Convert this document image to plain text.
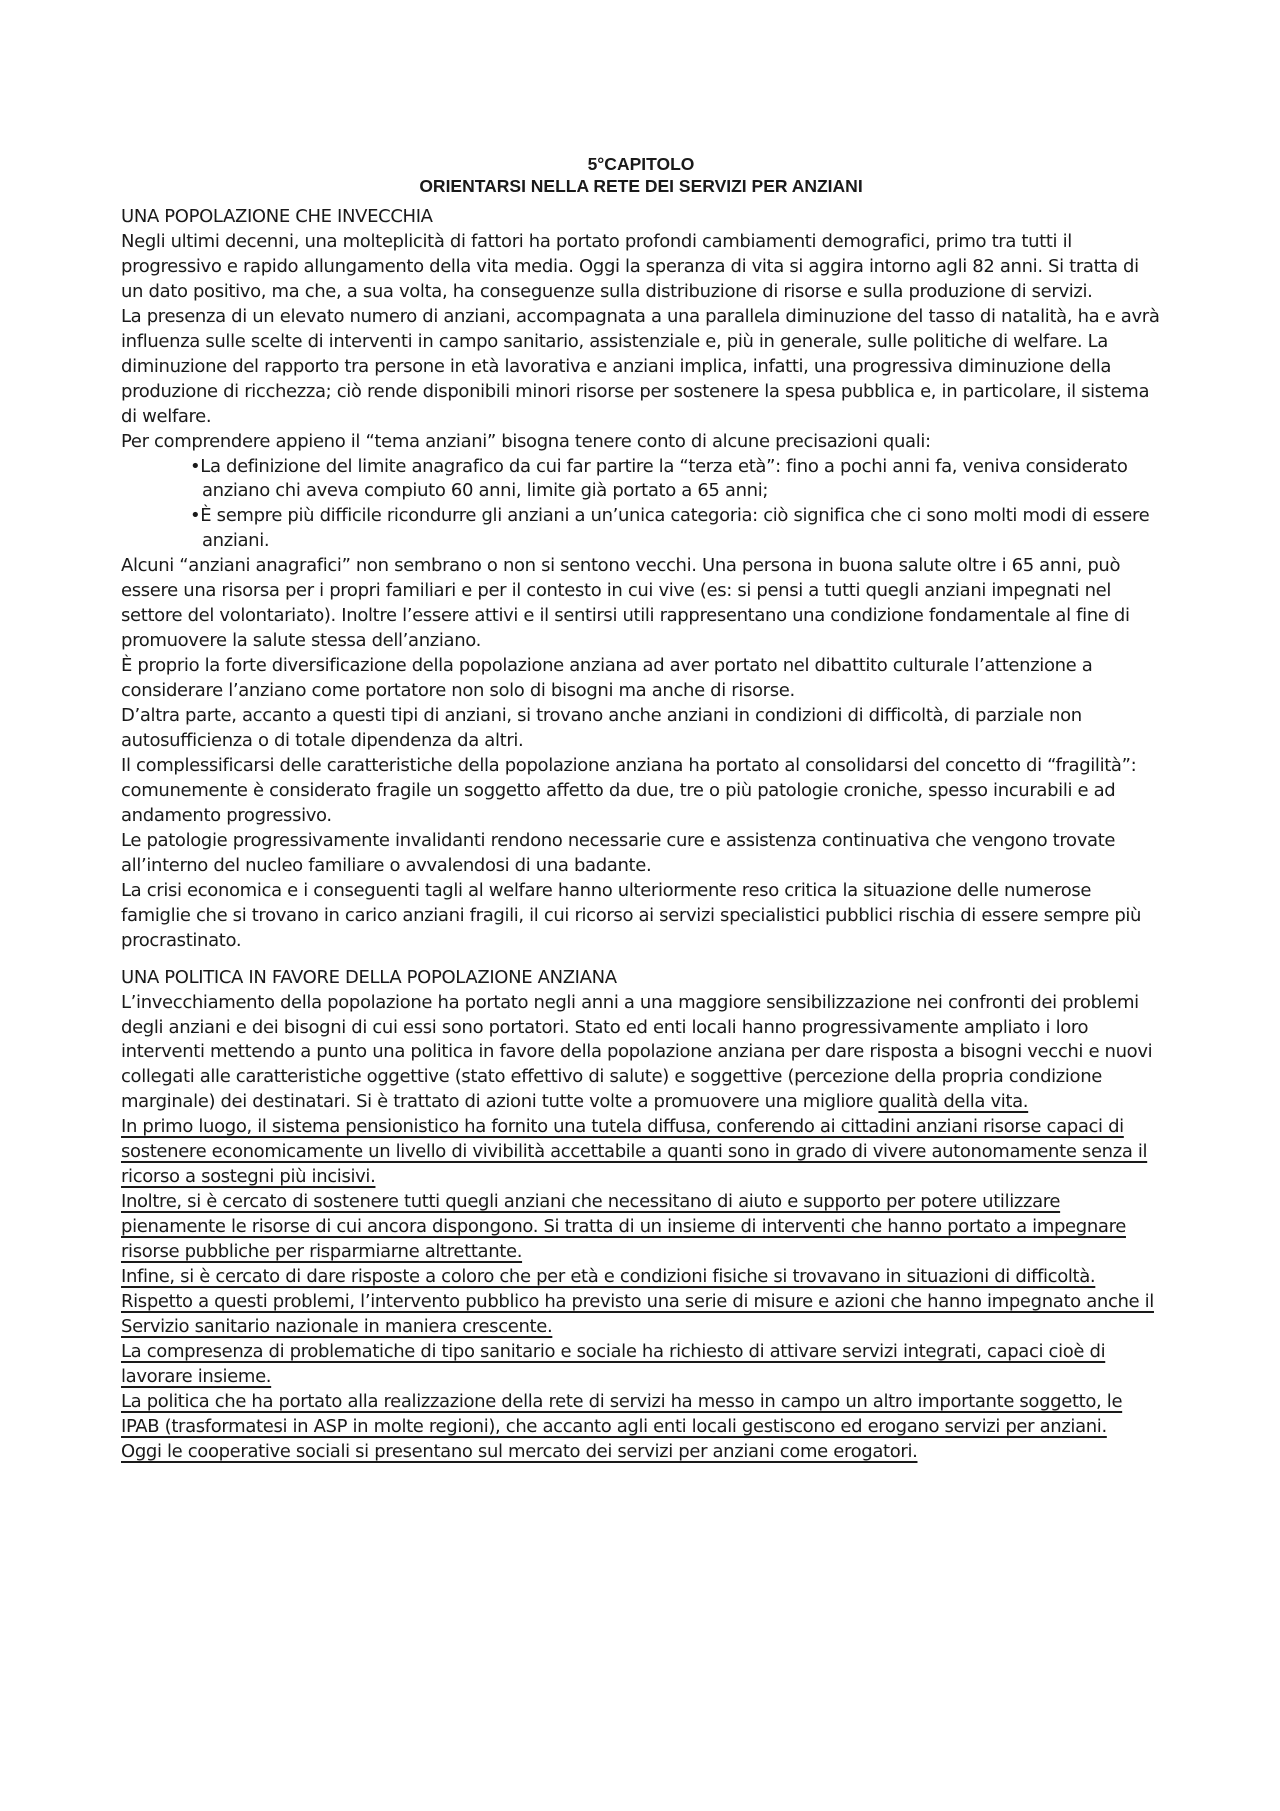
5°CAPITOLO

ORIENTARSI NELLA RETE DEI SERVIZI PER ANZIANI

UNA POPOLAZIONE CHE INVECCHIA

Negli ultimi decenni, una molteplicità di fattori ha portato profondi cambiamenti demografici, primo tra tutti il progressivo e rapido allungamento della vita media. Oggi la speranza di vita si aggira intorno agli 82 anni. Si tratta di un dato positivo, ma che, a sua volta, ha conseguenze sulla distribuzione di risorse e sulla produzione di servizi.

La presenza di un elevato numero di anziani, accompagnata a una parallela diminuzione del tasso di natalità, ha e avrà influenza sulle scelte di interventi in campo sanitario, assistenziale e, più in generale, sulle politiche di welfare. La diminuzione del rapporto tra persone in età lavorativa e anziani implica, infatti, una progressiva diminuzione della produzione di ricchezza; ciò rende disponibili minori risorse per sostenere la spesa pubblica e, in particolare, il sistema di welfare.

Per comprendere appieno il “tema anziani” bisogna tenere conto di alcune precisazioni quali:

•La definizione del limite anagrafico da cui far partire la “terza età”: fino a pochi anni fa, veniva considerato anziano chi aveva compiuto 60 anni, limite già portato a 65 anni;
•È sempre più difficile ricondurre gli anziani a un’unica categoria: ciò significa che ci sono molti modi di essere anziani.

Alcuni “anziani anagrafici” non sembrano o non si sentono vecchi. Una persona in buona salute oltre i 65 anni, può essere una risorsa per i propri familiari e per il contesto in cui vive (es: si pensi a tutti quegli anziani impegnati nel settore del volontariato). Inoltre l’essere attivi e il sentirsi utili rappresentano una condizione fondamentale al fine di promuovere la salute stessa dell’anziano.

È proprio la forte diversificazione della popolazione anziana ad aver portato nel dibattito culturale l’attenzione a considerare l’anziano come portatore non solo di bisogni ma anche di risorse.

D’altra parte, accanto a questi tipi di anziani, si trovano anche anziani in condizioni di difficoltà, di parziale non autosufficienza o di totale dipendenza da altri.

Il complessificarsi delle caratteristiche della popolazione anziana ha portato al consolidarsi del concetto di “fragilità”: comunemente è considerato fragile un soggetto affetto da due, tre o più patologie croniche, spesso incurabili e ad andamento progressivo.

Le patologie progressivamente invalidanti rendono necessarie cure e assistenza continuativa che vengono trovate all’interno del nucleo familiare o avvalendosi di una badante.

La crisi economica e i conseguenti tagli al welfare hanno ulteriormente reso critica la situazione delle numerose famiglie che si trovano in carico anziani fragili, il cui ricorso ai servizi specialistici pubblici rischia di essere sempre più procrastinato.

UNA POLITICA IN FAVORE DELLA POPOLAZIONE ANZIANA

L’invecchiamento della popolazione ha portato negli anni a una maggiore sensibilizzazione nei confronti dei problemi degli anziani e dei bisogni di cui essi sono portatori. Stato ed enti locali hanno progressivamente ampliato i loro interventi mettendo a punto una politica in favore della popolazione anziana per dare risposta a bisogni vecchi e nuovi collegati alle caratteristiche oggettive (stato effettivo di salute) e soggettive (percezione della propria condizione marginale) dei destinatari. Si è trattato di azioni tutte volte a promuovere una migliore qualità della vita.

In primo luogo, il sistema pensionistico ha fornito una tutela diffusa, conferendo ai cittadini anziani risorse capaci di sostenere economicamente un livello di vivibilità accettabile a quanti sono in grado di vivere autonomamente senza il ricorso a sostegni più incisivi.

Inoltre, si è cercato di sostenere tutti quegli anziani che necessitano di aiuto e supporto per potere utilizzare pienamente le risorse di cui ancora dispongono. Si tratta di un insieme di interventi che hanno portato a impegnare risorse pubbliche per risparmiarne altrettante.

Infine, si è cercato di dare risposte a coloro che per età e condizioni fisiche si trovavano in situazioni di difficoltà. Rispetto a questi problemi, l’intervento pubblico ha previsto una serie di misure e azioni che hanno impegnato anche il Servizio sanitario nazionale in maniera crescente.

La compresenza di problematiche di tipo sanitario e sociale ha richiesto di attivare servizi integrati, capaci cioè di lavorare insieme.

La politica che ha portato alla realizzazione della rete di servizi ha messo in campo un altro importante soggetto, le IPAB (trasformatesi in ASP in molte regioni), che accanto agli enti locali gestiscono ed erogano servizi per anziani.

Oggi le cooperative sociali si presentano sul mercato dei servizi per anziani come erogatori.
